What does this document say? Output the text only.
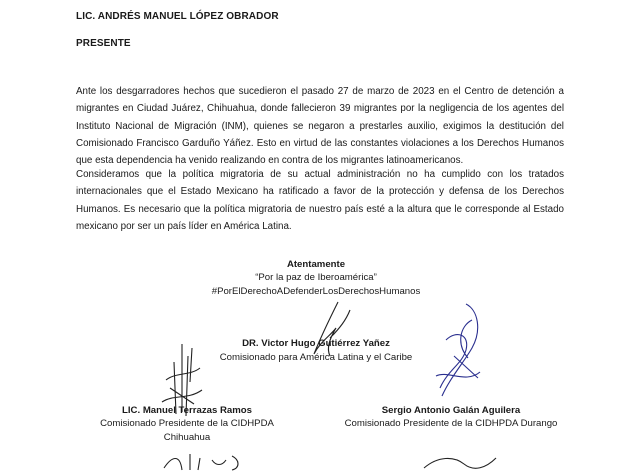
LIC. ANDRÉS MANUEL LÓPEZ OBRADOR
PRESENTE

Ante los desgarradores hechos que sucedieron el pasado 27 de marzo de 2023 en el Centro de detención a migrantes en Ciudad Juárez, Chihuahua, donde fallecieron 39 migrantes por la negligencia de los agentes del Instituto Nacional de Migración (INM), quienes se negaron a prestarles auxilio, exigimos la destitución del Comisionado Francisco Garduño Yáñez. Esto en virtud de las constantes violaciones a los Derechos Humanos que esta dependencia ha venido realizando en contra de los migrantes latinoamericanos.

Consideramos que la política migratoria de su actual administración no ha cumplido con los tratados internacionales que el Estado Mexicano ha ratificado a favor de la protección y defensa de los Derechos Humanos. Es necesario que la política migratoria de nuestro país esté a la altura que le corresponde al Estado mexicano por ser un país líder en América Latina.

Atentamente
“Por la paz de Iberoamérica”
#PorElDerechoADefenderLosDerechosHumanos
DR. Victor Hugo Gutiérrez Yañez
Comisionado para América Latina y el Caribe
LIC. Manuel Terrazas Ramos
Comisionado Presidente de la CIDHPDA Chihuahua
Sergio Antonio Galán Aguilera
Comisionado Presidente de la CIDHPDA Durango
